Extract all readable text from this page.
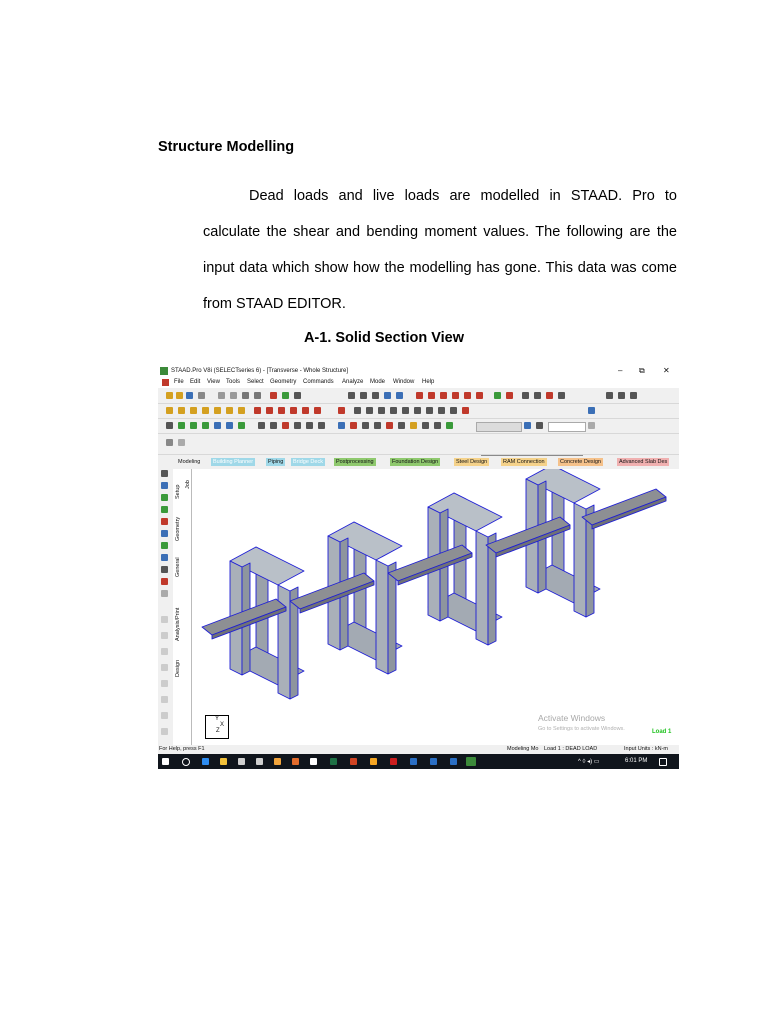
Structure Modelling
Dead loads and live loads are modelled in STAAD. Pro to
calculate the shear and bending moment values. The following are the
input data which show how the modelling has gone. This data was come
from STAAD EDITOR.
A-1. Solid Section View
STAAD.Pro V8i (SELECTseries 6) - [Transverse - Whole Structure]	– ⧉ ✕
File Edit View Tools Select Geometry Commands Analyze Mode Window Help
Modeling	Building Planner	Piping	Bridge Deck	Postprocessing	Foundation Design	Steel Design	RAM Connection	Concrete Design	Advanced Slab Des
Setup
Geometry
General
Analysis/Print
Design
Job
Y
X
Z
Activate Windows
Go to Settings to activate Windows.	Load 1
For Help, press F1	Modeling Mo Load 1 : DEAD LOAD	Input Units : kN-m
^ ◊ ◂) ▭	6:01 PM
